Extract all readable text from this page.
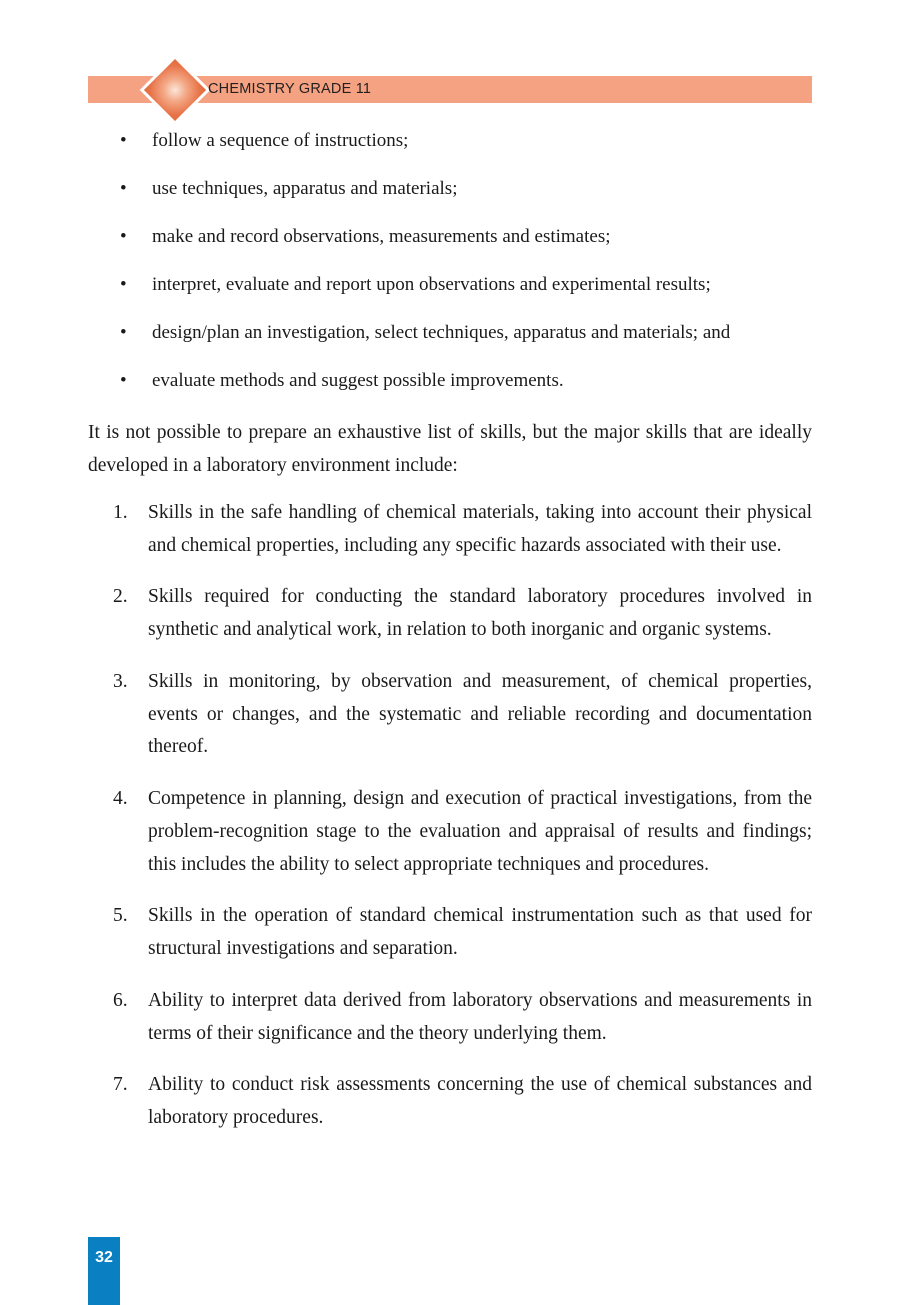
CHEMISTRY GRADE 11
• follow a sequence of instructions;
• use techniques, apparatus and materials;
• make and record observations, measurements and estimates;
• interpret, evaluate and report upon observations and experimental results;
• design/plan an investigation, select techniques, apparatus and materials; and
• evaluate methods and suggest possible improvements.

It is not possible to prepare an exhaustive list of skills, but the major skills that are ideally developed in a laboratory environment include:

1.	Skills in the safe handling of chemical materials, taking into account their physical and chemical properties, including any specific hazards associated with their use.
2.	Skills required for conducting the standard laboratory procedures involved in synthetic and analytical work, in relation to both inorganic and organic systems.
3.	Skills in monitoring, by observation and measurement, of chemical properties, events or changes, and the systematic and reliable recording and documentation thereof.
4.	Competence in planning, design and execution of practical investigations, from the problem-recognition stage to the evaluation and appraisal of results and findings; this includes the ability to select appropriate techniques and procedures.
5.	Skills in the operation of standard chemical instrumentation such as that used for structural investigations and separation.
6.	Ability to interpret data derived from laboratory observations and measurements in terms of their significance and the theory underlying them.
7.	Ability to conduct risk assessments concerning the use of chemical substances and laboratory procedures.
32
